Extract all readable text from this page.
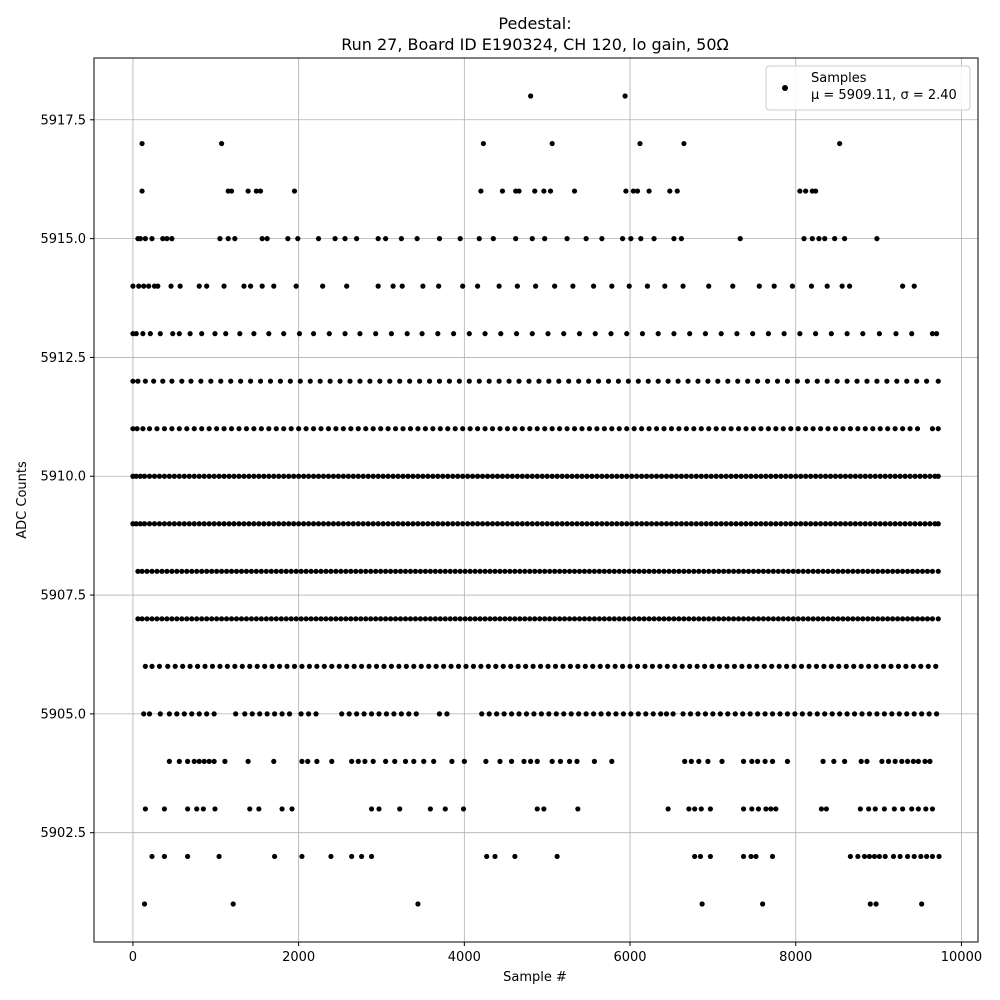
0	2000	4000	6000	8000	10000
5902.5
5905.0
5907.5
5910.0
5912.5
5915.0
5917.5
Pedestal:
Run 27, Board ID E190324, CH 120, lo gain, 50Ω
Sample #
ADC Counts
Samples
μ = 5909.11, σ = 2.40
